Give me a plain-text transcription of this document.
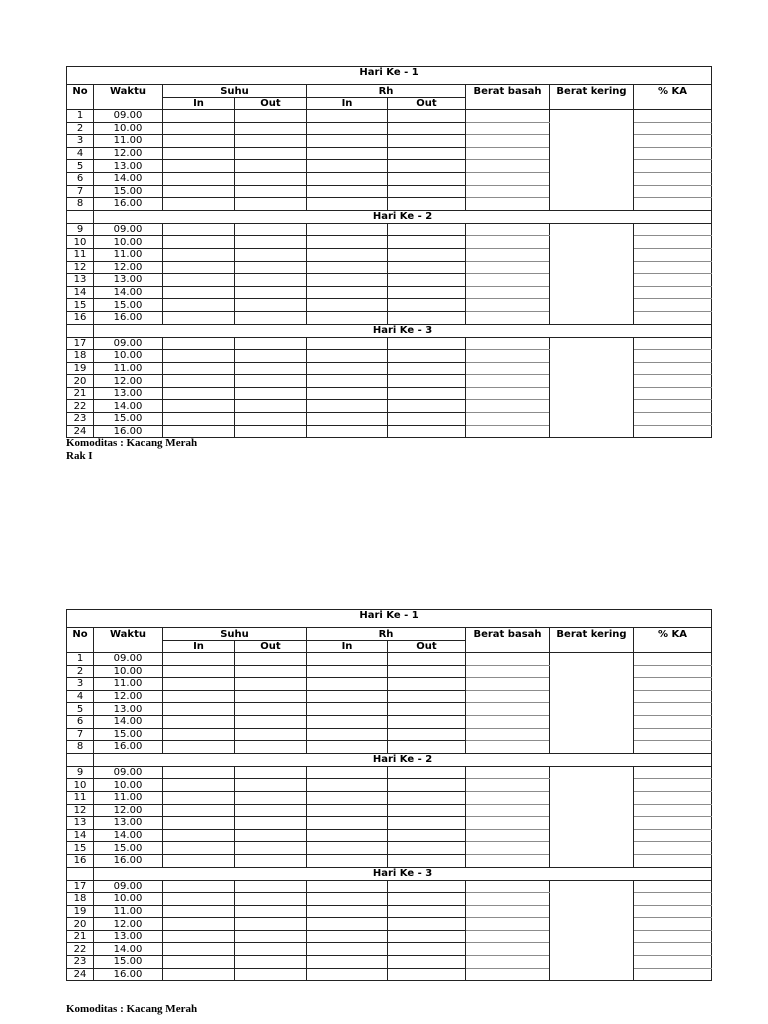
Hari Ke - 1								
No	Waktu	Suhu		Rh		Berat basah	Berat kering	% KA
		In	Out	In	Out			
1	09.00							
2	10.00							
3	11.00							
4	12.00							
5	13.00							
6	14.00							
7	15.00							
8	16.00							
	Hari Ke - 2							
9	09.00							
10	10.00							
11	11.00							
12	12.00							
13	13.00							
14	14.00							
15	15.00							
16	16.00							
	Hari Ke - 3							
17	09.00							
18	10.00							
19	11.00							
20	12.00							
21	13.00							
22	14.00							
23	15.00							
24	16.00							
Komoditas : Kacang Merah
Rak I
Hari Ke - 1								
No	Waktu	Suhu		Rh		Berat basah	Berat kering	% KA
		In	Out	In	Out			
1	09.00							
2	10.00							
3	11.00							
4	12.00							
5	13.00							
6	14.00							
7	15.00							
8	16.00							
	Hari Ke - 2							
9	09.00							
10	10.00							
11	11.00							
12	12.00							
13	13.00							
14	14.00							
15	15.00							
16	16.00							
	Hari Ke - 3							
17	09.00							
18	10.00							
19	11.00							
20	12.00							
21	13.00							
22	14.00							
23	15.00							
24	16.00							
Komoditas : Kacang Merah
